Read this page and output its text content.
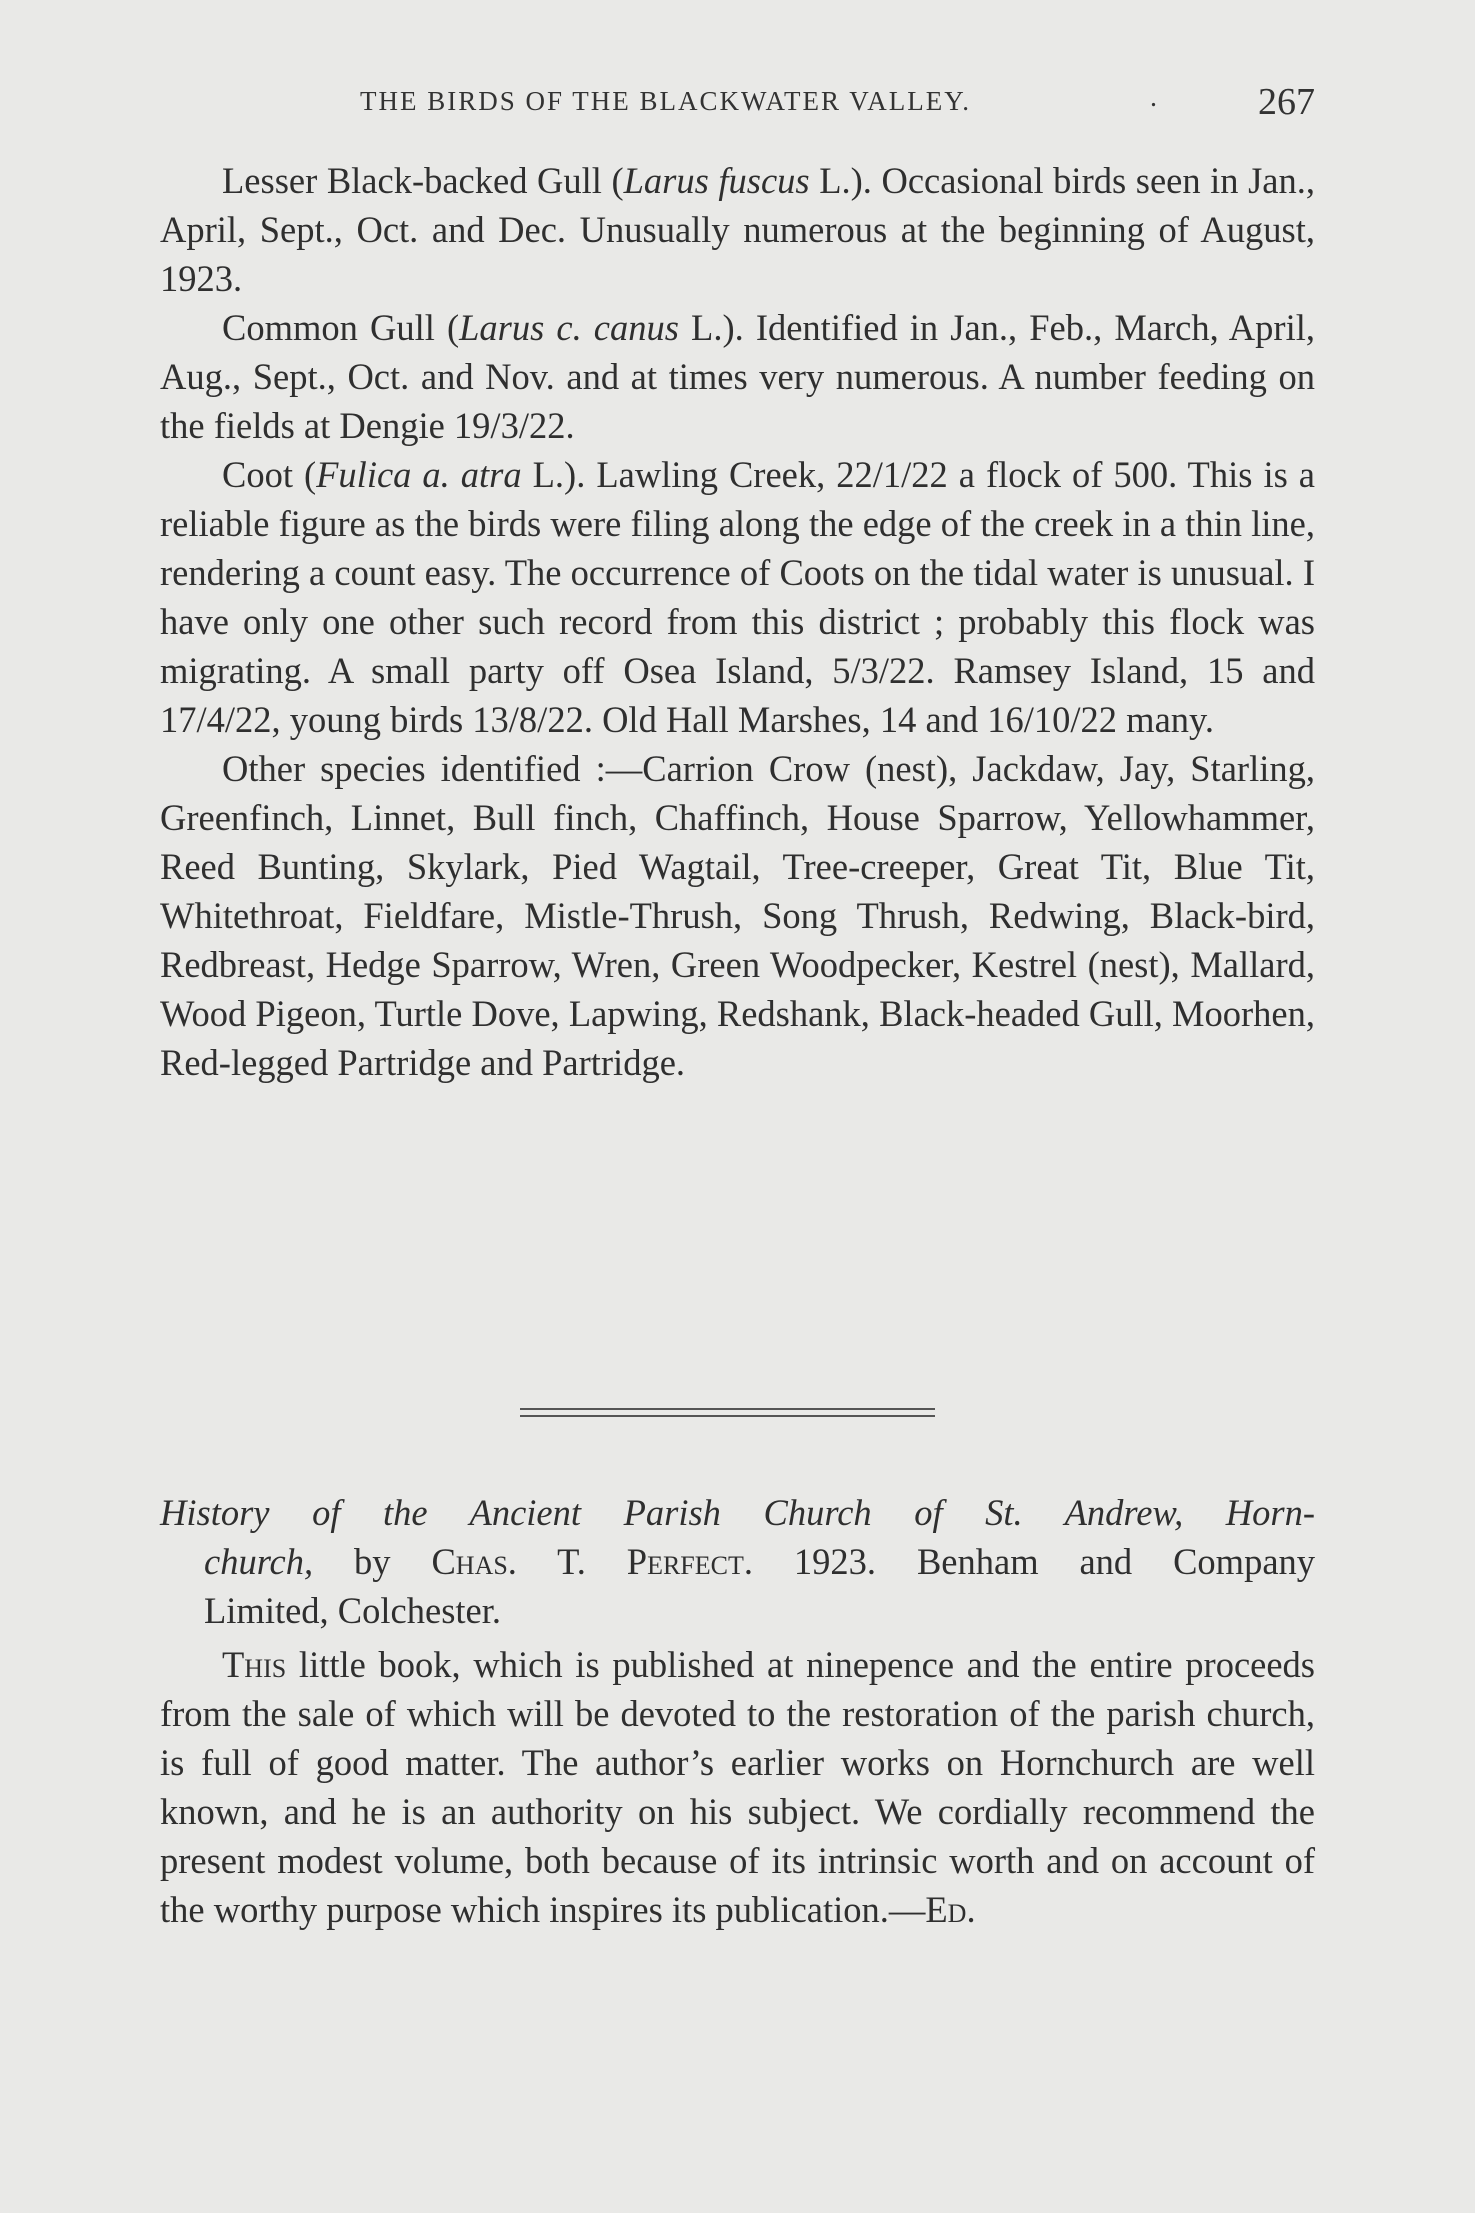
THE BIRDS OF THE BLACKWATER VALLEY.	.	267

Lesser Black-backed Gull (Larus fuscus L.). Occasional birds seen in Jan., April, Sept., Oct. and Dec. Unusually numerous at the beginning of August, 1923.

Common Gull (Larus c. canus L.). Identified in Jan., Feb., March, April, Aug., Sept., Oct. and Nov. and at times very numerous. A number feeding on the fields at Dengie 19/3/22.

Coot (Fulica a. atra L.). Lawling Creek, 22/1/22 a flock of 500. This is a reliable figure as the birds were filing along the edge of the creek in a thin line, rendering a count easy. The occurrence of Coots on the tidal water is unusual. I have only one other such record from this district ; probably this flock was migrating. A small party off Osea Island, 5/3/22. Ramsey Island, 15 and 17/4/22, young birds 13/8/22. Old Hall Marshes, 14 and 16/10/22 many.

Other species identified :—Carrion Crow (nest), Jackdaw, Jay, Starling, Greenfinch, Linnet, Bull finch, Chaffinch, House Sparrow, Yellowhammer, Reed Bunting, Skylark, Pied Wagtail, Tree-creeper, Great Tit, Blue Tit, Whitethroat, Fieldfare, Mistle-Thrush, Song Thrush, Redwing, Black-bird, Redbreast, Hedge Sparrow, Wren, Green Woodpecker, Kestrel (nest), Mallard, Wood Pigeon, Turtle Dove, Lapwing, Redshank, Black-headed Gull, Moorhen, Red-legged Partridge and Partridge.

History of the Ancient Parish Church of St. Andrew, Horn-
church, by Chas. T. Perfect. 1923. Benham and Company
Limited, Colchester.

This little book, which is published at ninepence and the entire proceeds from the sale of which will be devoted to the restoration of the parish church, is full of good matter. The author’s earlier works on Hornchurch are well known, and he is an authority on his subject. We cordially recommend the present modest volume, both because of its intrinsic worth and on account of the worthy purpose which inspires its publication.—Ed.
